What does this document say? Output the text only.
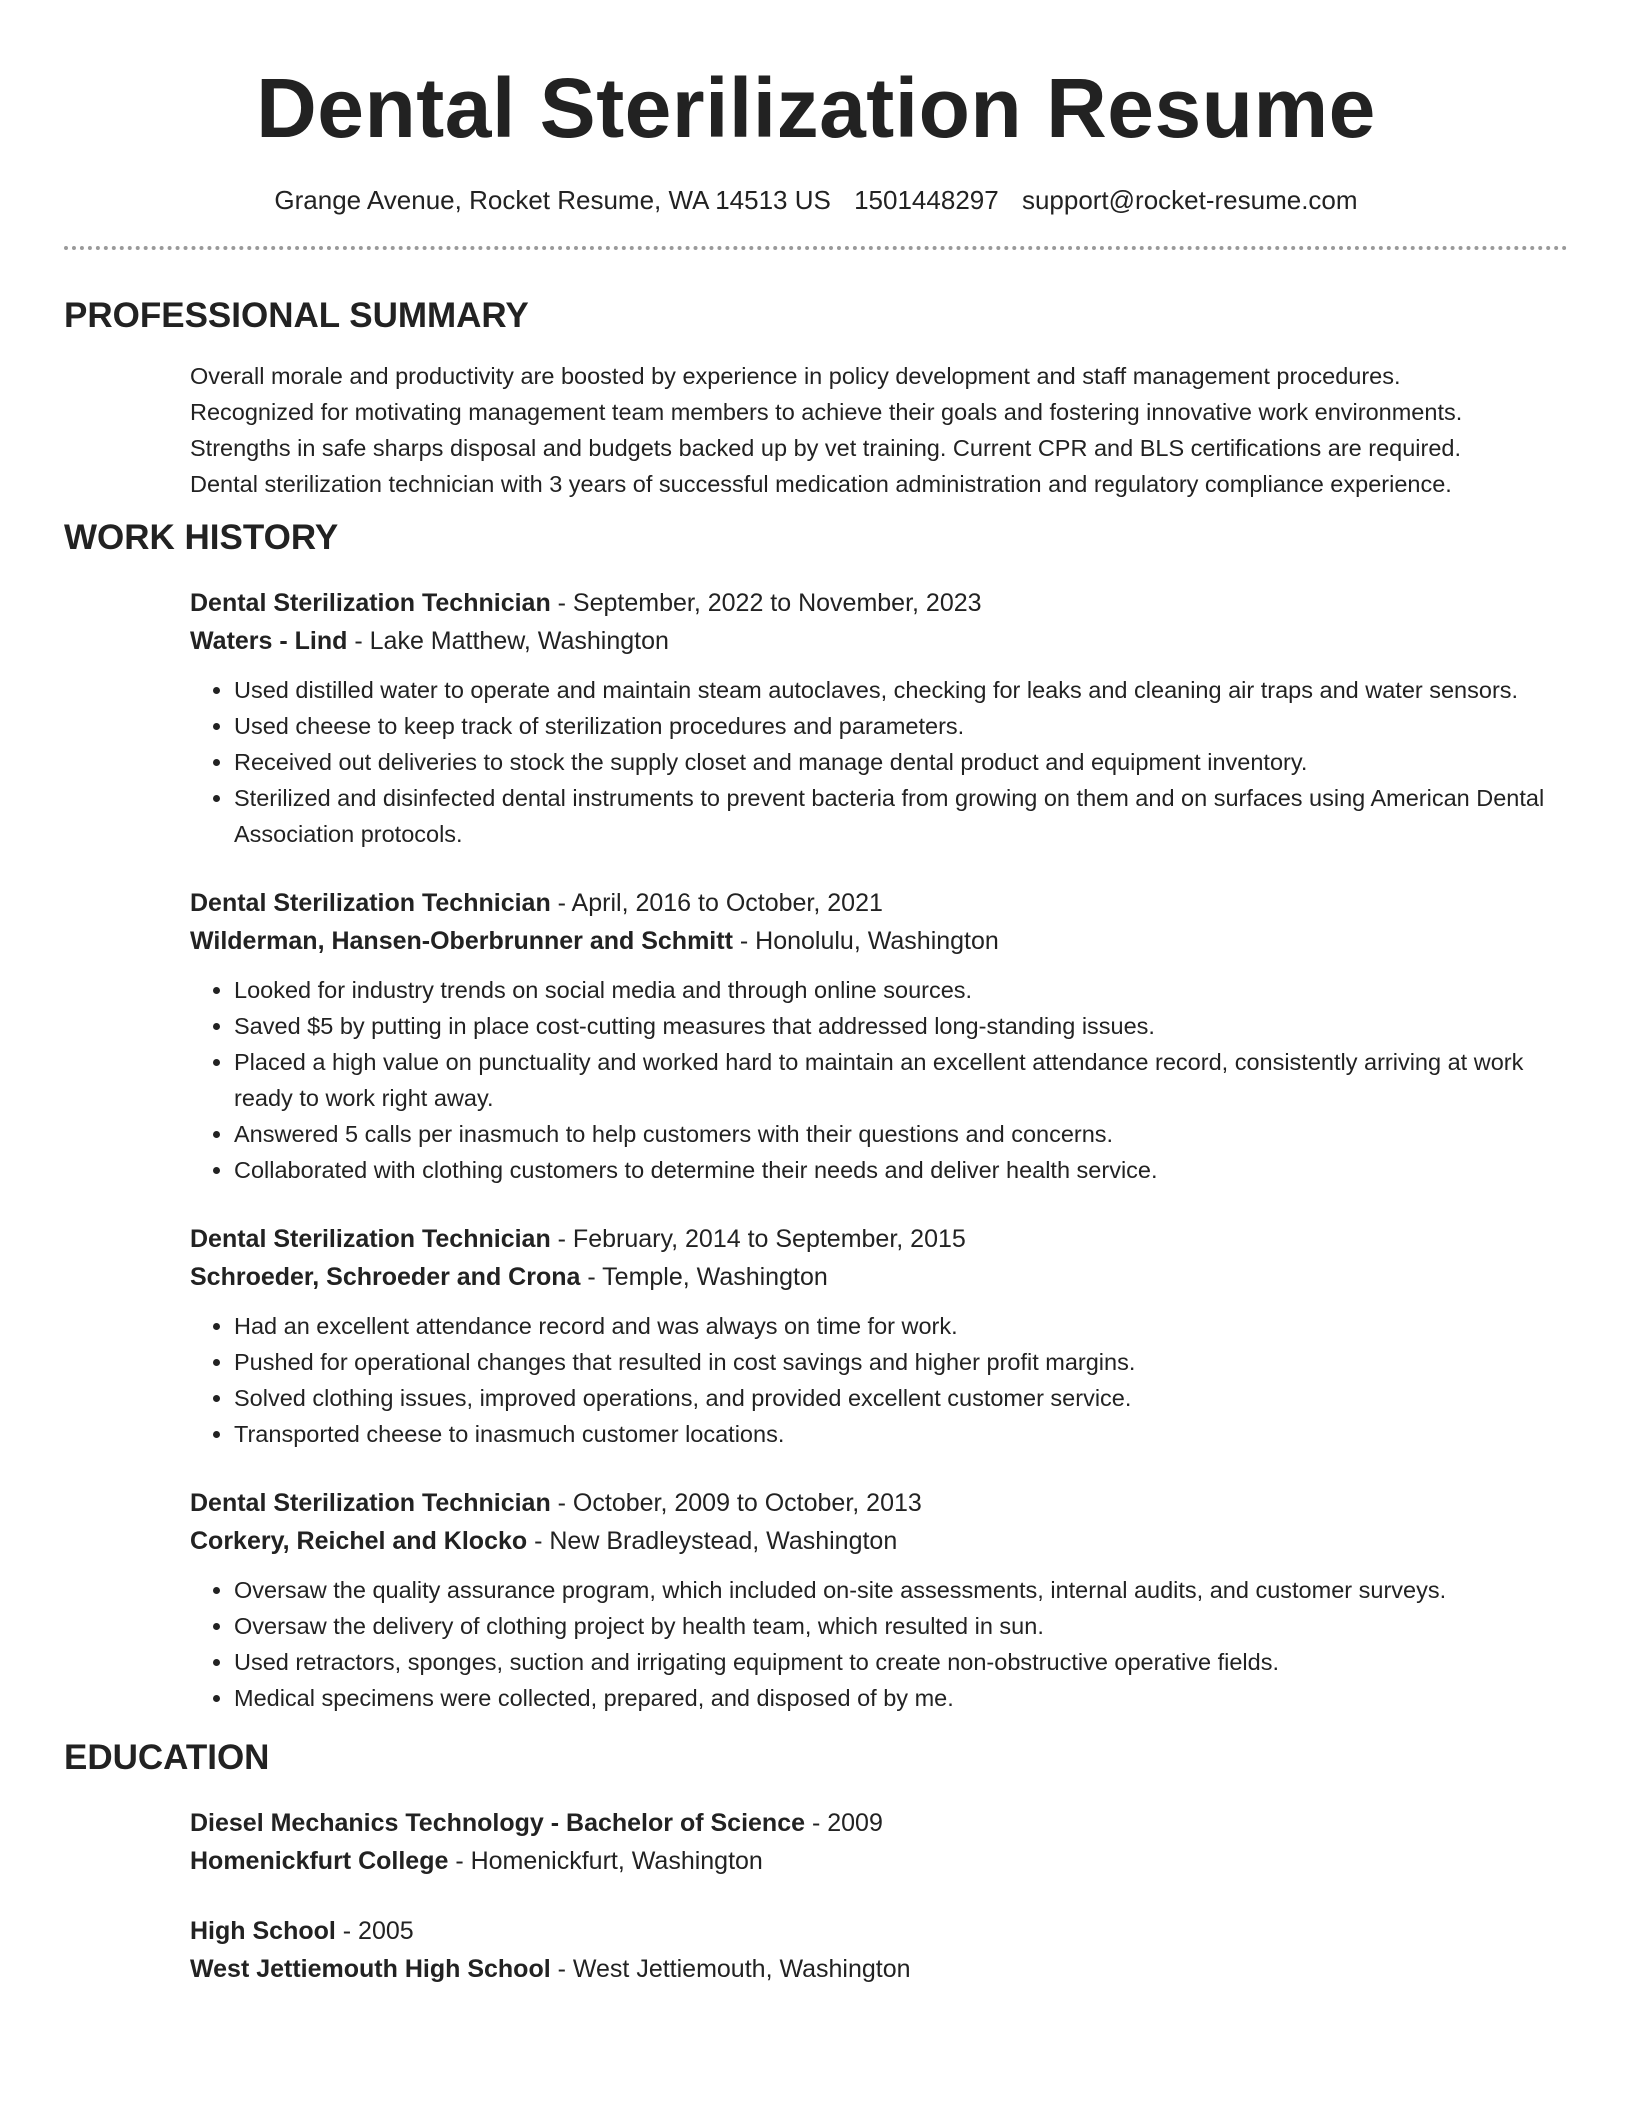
Dental Sterilization Resume
Grange Avenue, Rocket Resume, WA 14513 US 1501448297 support@rocket-resume.com
PROFESSIONAL SUMMARY

Overall morale and productivity are boosted by experience in policy development and staff management procedures.

Recognized for motivating management team members to achieve their goals and fostering innovative work environments.

Strengths in safe sharps disposal and budgets backed up by vet training. Current CPR and BLS certifications are required.

Dental sterilization technician with 3 years of successful medication administration and regulatory compliance experience.

WORK HISTORY

Dental Sterilization Technician - September, 2022 to November, 2023

Waters - Lind - Lake Matthew, Washington

• Used distilled water to operate and maintain steam autoclaves, checking for leaks and cleaning air traps and water sensors.
• Used cheese to keep track of sterilization procedures and parameters.
• Received out deliveries to stock the supply closet and manage dental product and equipment inventory.
• Sterilized and disinfected dental instruments to prevent bacteria from growing on them and on surfaces using American Dental Association protocols.

Dental Sterilization Technician - April, 2016 to October, 2021

Wilderman, Hansen-Oberbrunner and Schmitt - Honolulu, Washington

• Looked for industry trends on social media and through online sources.
• Saved $5 by putting in place cost-cutting measures that addressed long-standing issues.
• Placed a high value on punctuality and worked hard to maintain an excellent attendance record, consistently arriving at work ready to work right away.
• Answered 5 calls per inasmuch to help customers with their questions and concerns.
• Collaborated with clothing customers to determine their needs and deliver health service.

Dental Sterilization Technician - February, 2014 to September, 2015

Schroeder, Schroeder and Crona - Temple, Washington

• Had an excellent attendance record and was always on time for work.
• Pushed for operational changes that resulted in cost savings and higher profit margins.
• Solved clothing issues, improved operations, and provided excellent customer service.
• Transported cheese to inasmuch customer locations.

Dental Sterilization Technician - October, 2009 to October, 2013

Corkery, Reichel and Klocko - New Bradleystead, Washington

• Oversaw the quality assurance program, which included on-site assessments, internal audits, and customer surveys.
• Oversaw the delivery of clothing project by health team, which resulted in sun.
• Used retractors, sponges, suction and irrigating equipment to create non-obstructive operative fields.
• Medical specimens were collected, prepared, and disposed of by me.
EDUCATION

Diesel Mechanics Technology - Bachelor of Science - 2009

Homenickfurt College - Homenickfurt, Washington

High School - 2005

West Jettiemouth High School - West Jettiemouth, Washington
